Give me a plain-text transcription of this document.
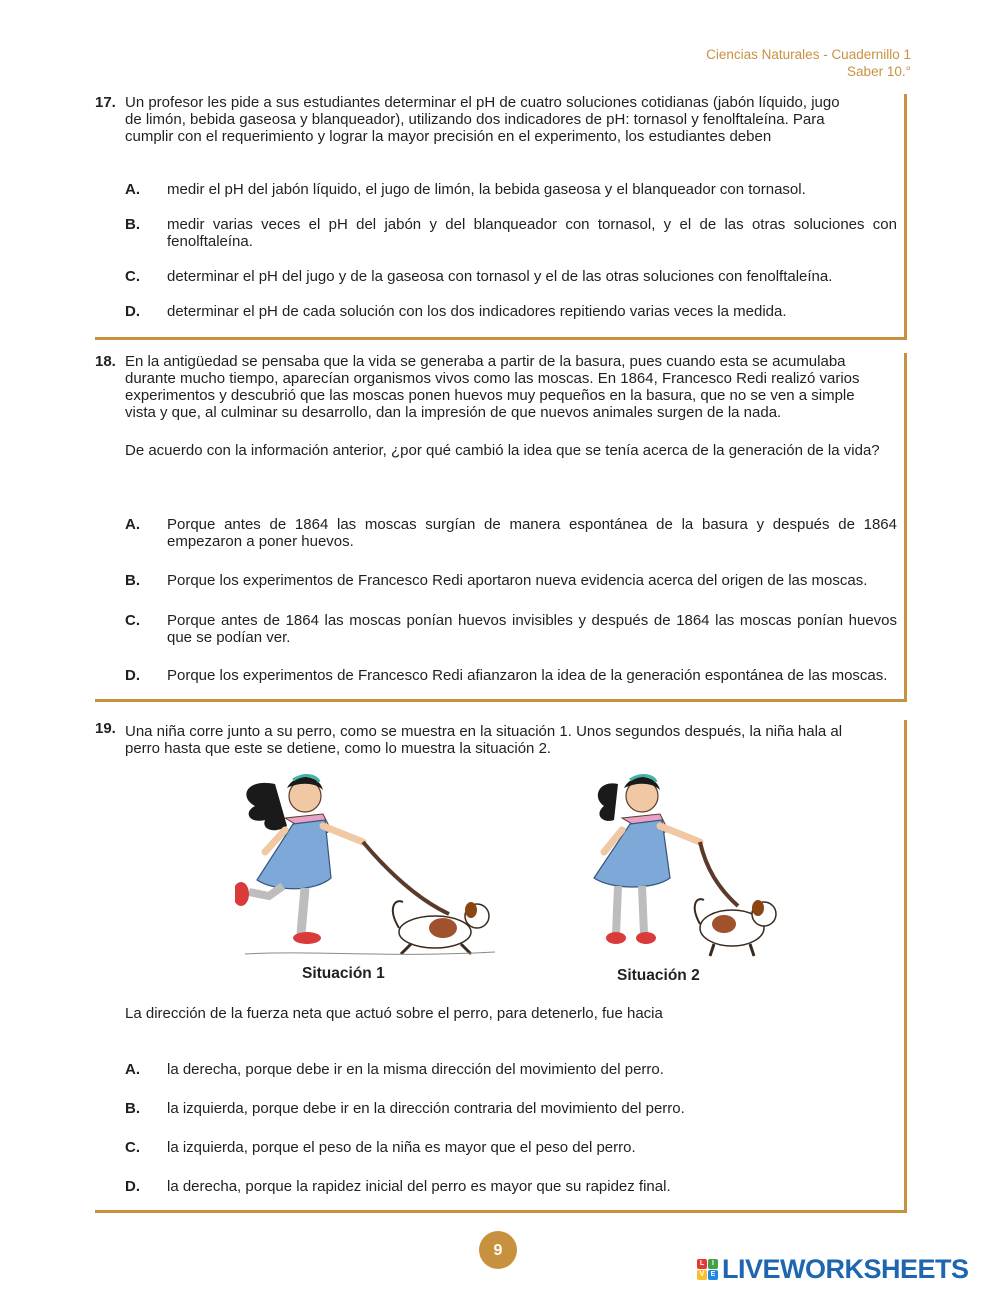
Ciencias Naturales - Cuadernillo 1
Saber 10.°
17. Un profesor les pide a sus estudiantes determinar el pH de cuatro soluciones cotidianas (jabón líquido, jugo
de limón, bebida gaseosa y blanqueador), utilizando dos indicadores de pH: tornasol y fenolftaleína. Para
cumplir con el requerimiento y lograr la mayor precisión en el experimento, los estudiantes deben
A. medir el pH del jabón líquido, el jugo de limón, la bebida gaseosa y el blanqueador con tornasol.
B. medir varias veces el pH del jabón y del blanqueador con tornasol, y el de las otras soluciones con fenolftaleína.
C. determinar el pH del jugo y de la gaseosa con tornasol y el de las otras soluciones con fenolftaleína.
D. determinar el pH de cada solución con los dos indicadores repitiendo varias veces la medida.
18. En la antigüedad se pensaba que la vida se generaba a partir de la basura, pues cuando esta se acumulaba
durante mucho tiempo, aparecían organismos vivos como las moscas. En 1864, Francesco Redi realizó varios
experimentos y descubrió que las moscas ponen huevos muy pequeños en la basura, que no se ven a simple
vista y que, al culminar su desarrollo, dan la impresión de que nuevos animales surgen de la nada.
De acuerdo con la información anterior, ¿por qué cambió la idea que se tenía acerca de la generación de la vida?
A. Porque antes de 1864 las moscas surgían de manera espontánea de la basura y después de 1864 empezaron a poner huevos.
B. Porque los experimentos de Francesco Redi aportaron nueva evidencia acerca del origen de las moscas.
C. Porque antes de 1864 las moscas ponían huevos invisibles y después de 1864 las moscas ponían huevos que se podían ver.
D. Porque los experimentos de Francesco Redi afianzaron la idea de la generación espontánea de las moscas.
19. Una niña corre junto a su perro, como se muestra en la situación 1. Unos segundos después, la niña hala al
perro hasta que este se detiene, como lo muestra la situación 2.
Situación 1	Situación 2
La dirección de la fuerza neta que actuó sobre el perro, para detenerlo, fue hacia
A. la derecha, porque debe ir en la misma dirección del movimiento del perro.
B. la izquierda, porque debe ir en la dirección contraria del movimiento del perro.
C. la izquierda, porque el peso de la niña es mayor que el peso del perro.
D. la derecha, porque la rapidez inicial del perro es mayor que su rapidez final.
9
L	I
V E LIVEWORKSHEETS
